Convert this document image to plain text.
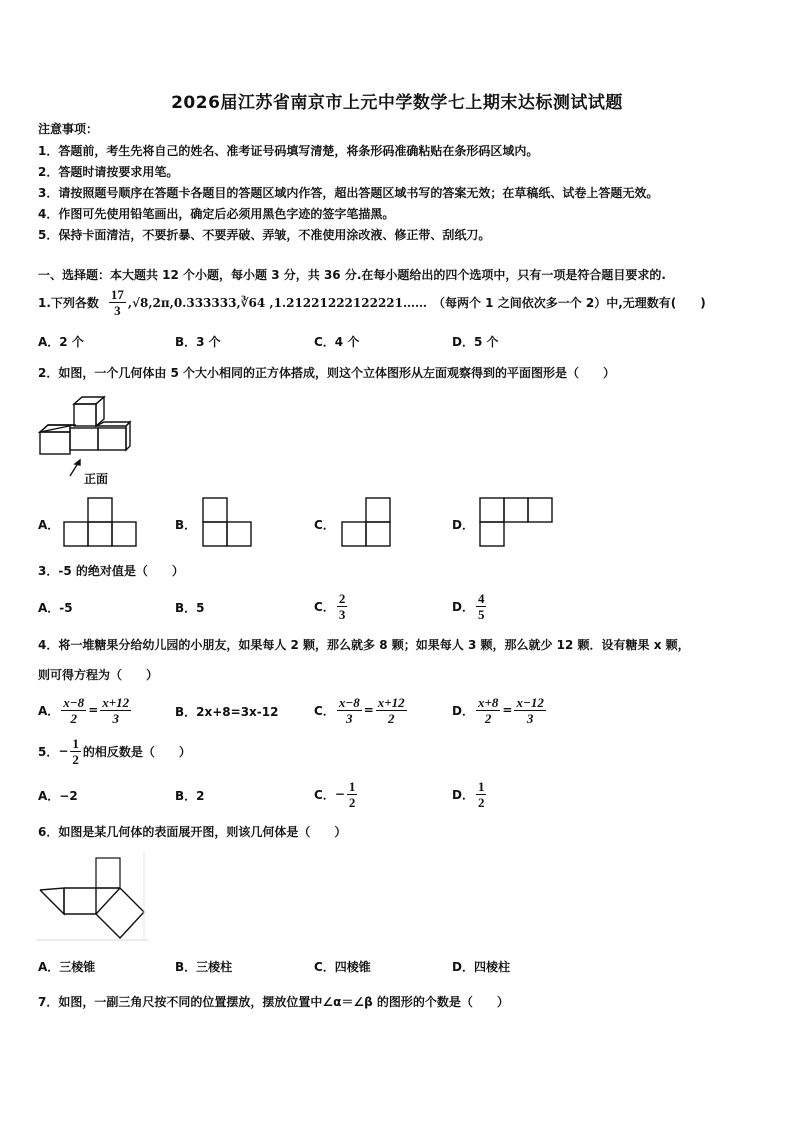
2026届江苏省南京市上元中学数学七上期末达标测试试题
注意事项：
1．答题前，考生先将自己的姓名、准考证号码填写清楚，将条形码准确粘贴在条形码区域内。
2．答题时请按要求用笔。
3．请按照题号顺序在答题卡各题目的答题区域内作答，超出答题区域书写的答案无效；在草稿纸、试卷上答题无效。
4．作图可先使用铅笔画出，确定后必须用黑色字迹的签字笔描黑。
5．保持卡面清洁，不要折暴、不要弄破、弄皱，不准使用涂改液、修正带、刮纸刀。
一、选择题：本大题共 12 个小题，每小题 3 分，共 36 分.在每小题给出的四个选项中，只有一项是符合题目要求的.
1.下列各数 $\frac{17}{3}$ ,√8,2π,0.333333,∛64 ,1.21221222122221…… （每两个 1 之间依次多一个 2）中,无理数有(　　)
A．2 个	B．3 个	C．4 个	D．5 个
2．如图，一个几何体由 5 个大小相同的正方体搭成，则这个立体图形从左面观察得到的平面图形是（　　）
正面
A．	B．	C．	D．
3．-5 的绝对值是（　　）
A．-5	B．5	C． $\frac{2}{3}$	D． $\frac{4}{5}$
4．将一堆糖果分给幼儿园的小朋友，如果每人 2 颗，那么就多 8 颗；如果每人 3 颗，那么就少 12 颗．设有糖果 x 颗，
则可得方程为（　　）
A． $\frac{x-8}{2} = \frac{x+12}{3}$	B．2x+8=3x-12	C． $\frac{x-8}{3} = \frac{x+12}{2}$	D． $\frac{x+8}{2} = \frac{x-12}{3}$
5． − $\frac{1}{2}$ 的相反数是（　　）
A．−2	B．2	C． − $\frac{1}{2}$	D． $\frac{1}{2}$
6．如图是某几何体的表面展开图，则该几何体是（　　）
A．三棱锥	B．三棱柱	C．四棱锥	D．四棱柱
7．如图，一副三角尺按不同的位置摆放，摆放位置中∠α＝∠β 的图形的个数是（　　）
